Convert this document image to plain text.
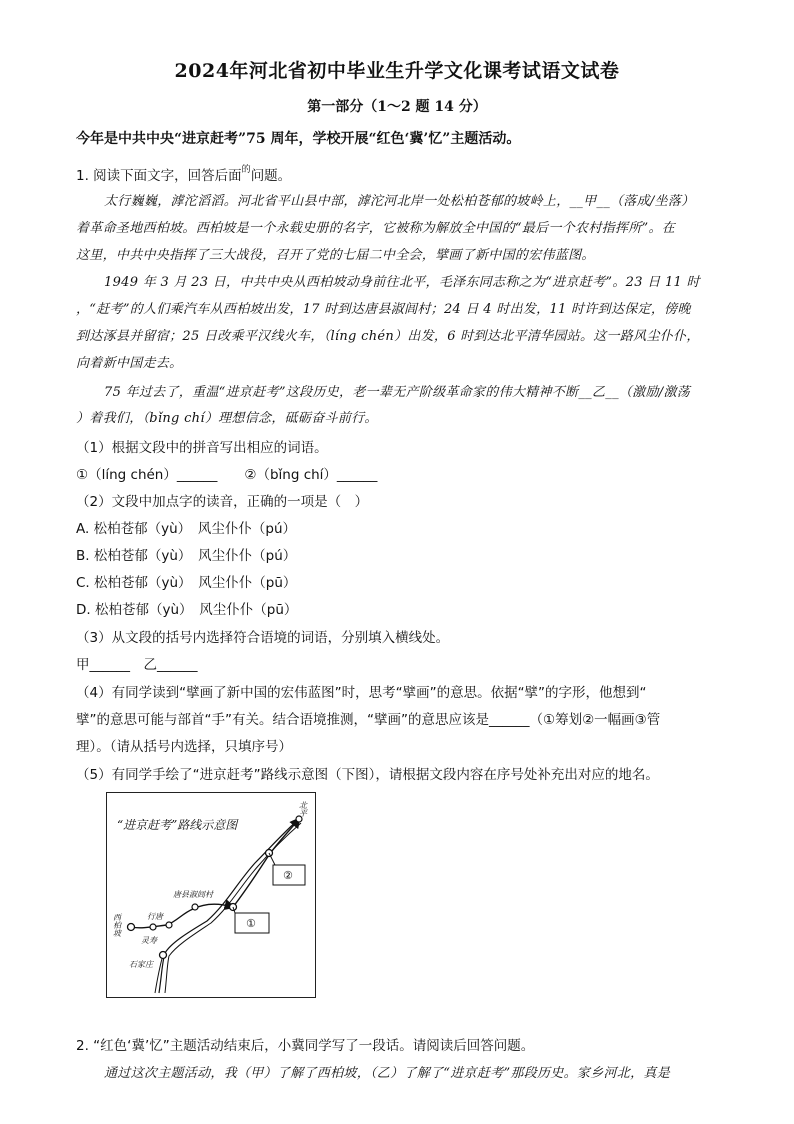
2024年河北省初中毕业生升学文化课考试语文试卷
第一部分（1～2 题 14 分）
今年是中共中央“进京赶考”75 周年，学校开展“红色‘冀’忆”主题活动。
1. 阅读下面文字，回答后面$^的$问题。
太行巍巍，滹沱滔滔。河北省平山县中部，滹沱河北岸一处松柏苍郁的坡岭上，__甲__（落成/坐落）
着革命圣地西柏坡。西柏坡是一个永载史册的名字，它被称为解放全中国的“最后一个农村指挥所”。在
这里，中共中央指挥了三大战役，召开了党的七届二中全会，擘画了新中国的宏伟蓝图。
1949 年 3 月 23 日，中共中央从西柏坡动身前往北平，毛泽东同志称之为“进京赶考”。23 日 11 时
，“赶考”的人们乘汽车从西柏坡出发，17 时到达唐县淑闾村；24 日 4 时出发，11 时许到达保定，傍晚
到达涿县并留宿；25 日改乘平汉线火车，（líng chén）出发，6 时到达北平清华园站。这一路风尘仆仆，
向着新中国走去。
75 年过去了，重温“进京赶考”这段历史，老一辈无产阶级革命家的伟大精神不断__乙__（激励/激荡
）着我们，（bǐng chí）理想信念，砥砺奋斗前行。
（1）根据文段中的拼音写出相应的词语。
①（líng chén）______　　②（bǐng chí）______
（2）文段中加点字的读音，正确的一项是（　）
A. 松柏苍郁（yù）　风尘仆仆（pú）
B. 松柏苍郁（yù）　风尘仆仆（pú）
C. 松柏苍郁（yù）　风尘仆仆（pū）
D. 松柏苍郁（yù）　风尘仆仆（pū）
（3）从文段的括号内选择符合语境的词语，分别填入横线处。
甲______　乙______
（4）有同学读到“擘画了新中国的宏伟蓝图”时，思考“擘画”的意思。依据“擘”的字形，他想到“
擘”的意思可能与部首“手”有关。结合语境推测，“擘画”的意思应该是______（①筹划②一幅画③管
理）。（请从括号内选择，只填序号）
（5）有同学手绘了“进京赶考”路线示意图（下图），请根据文段内容在序号处补充出对应的地名。
“进京赶考”路线示意图
北平
西柏坡
唐县淑闾村
行唐
灵寿
石家庄
①
②
2. “红色‘冀’忆”主题活动结束后，小冀同学写了一段话。请阅读后回答问题。
通过这次主题活动，我（甲）了解了西柏坡，（乙）了解了“进京赶考”那段历史。家乡河北，真是
